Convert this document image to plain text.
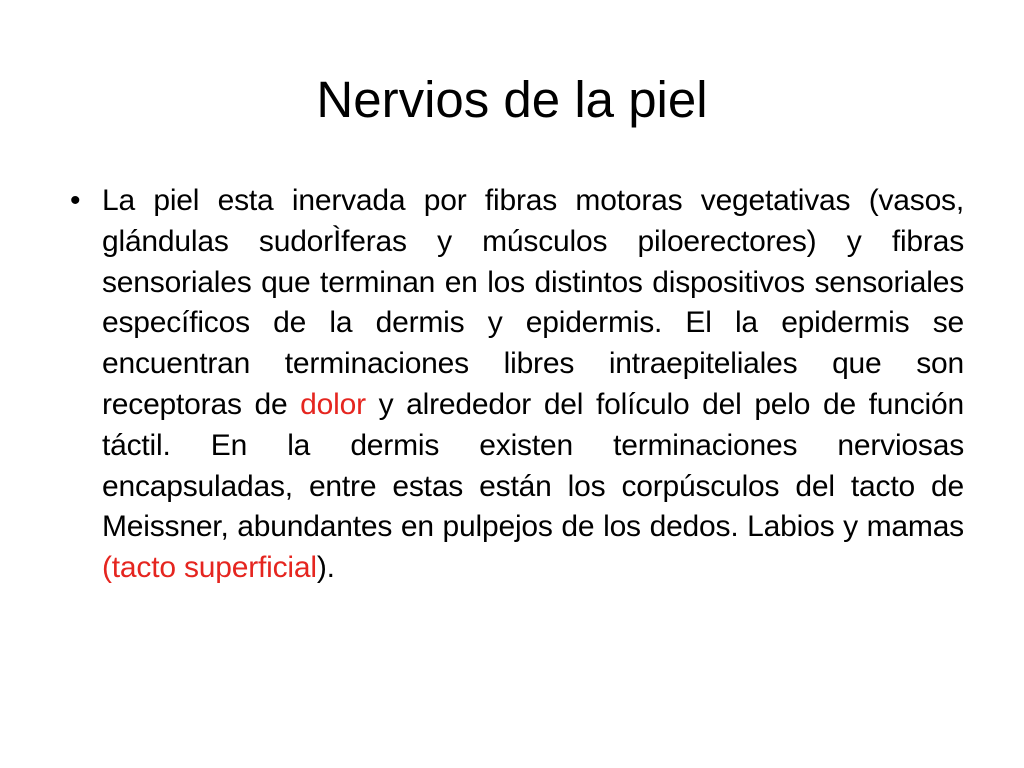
Nervios de la piel
• La piel esta inervada por fibras motoras vegetativas (vasos, glándulas sudorÌferas y músculos piloerectores) y fibras sensoriales que terminan en los distintos dispositivos sensoriales específicos de la dermis y epidermis. El la epidermis se encuentran terminaciones libres intraepiteliales que son receptoras de dolor y alrededor del folículo del pelo de función táctil. En la dermis existen terminaciones nerviosas encapsuladas, entre estas están los corpúsculos del tacto de Meissner, abundantes en pulpejos de los dedos. Labios y mamas (tacto superficial).
